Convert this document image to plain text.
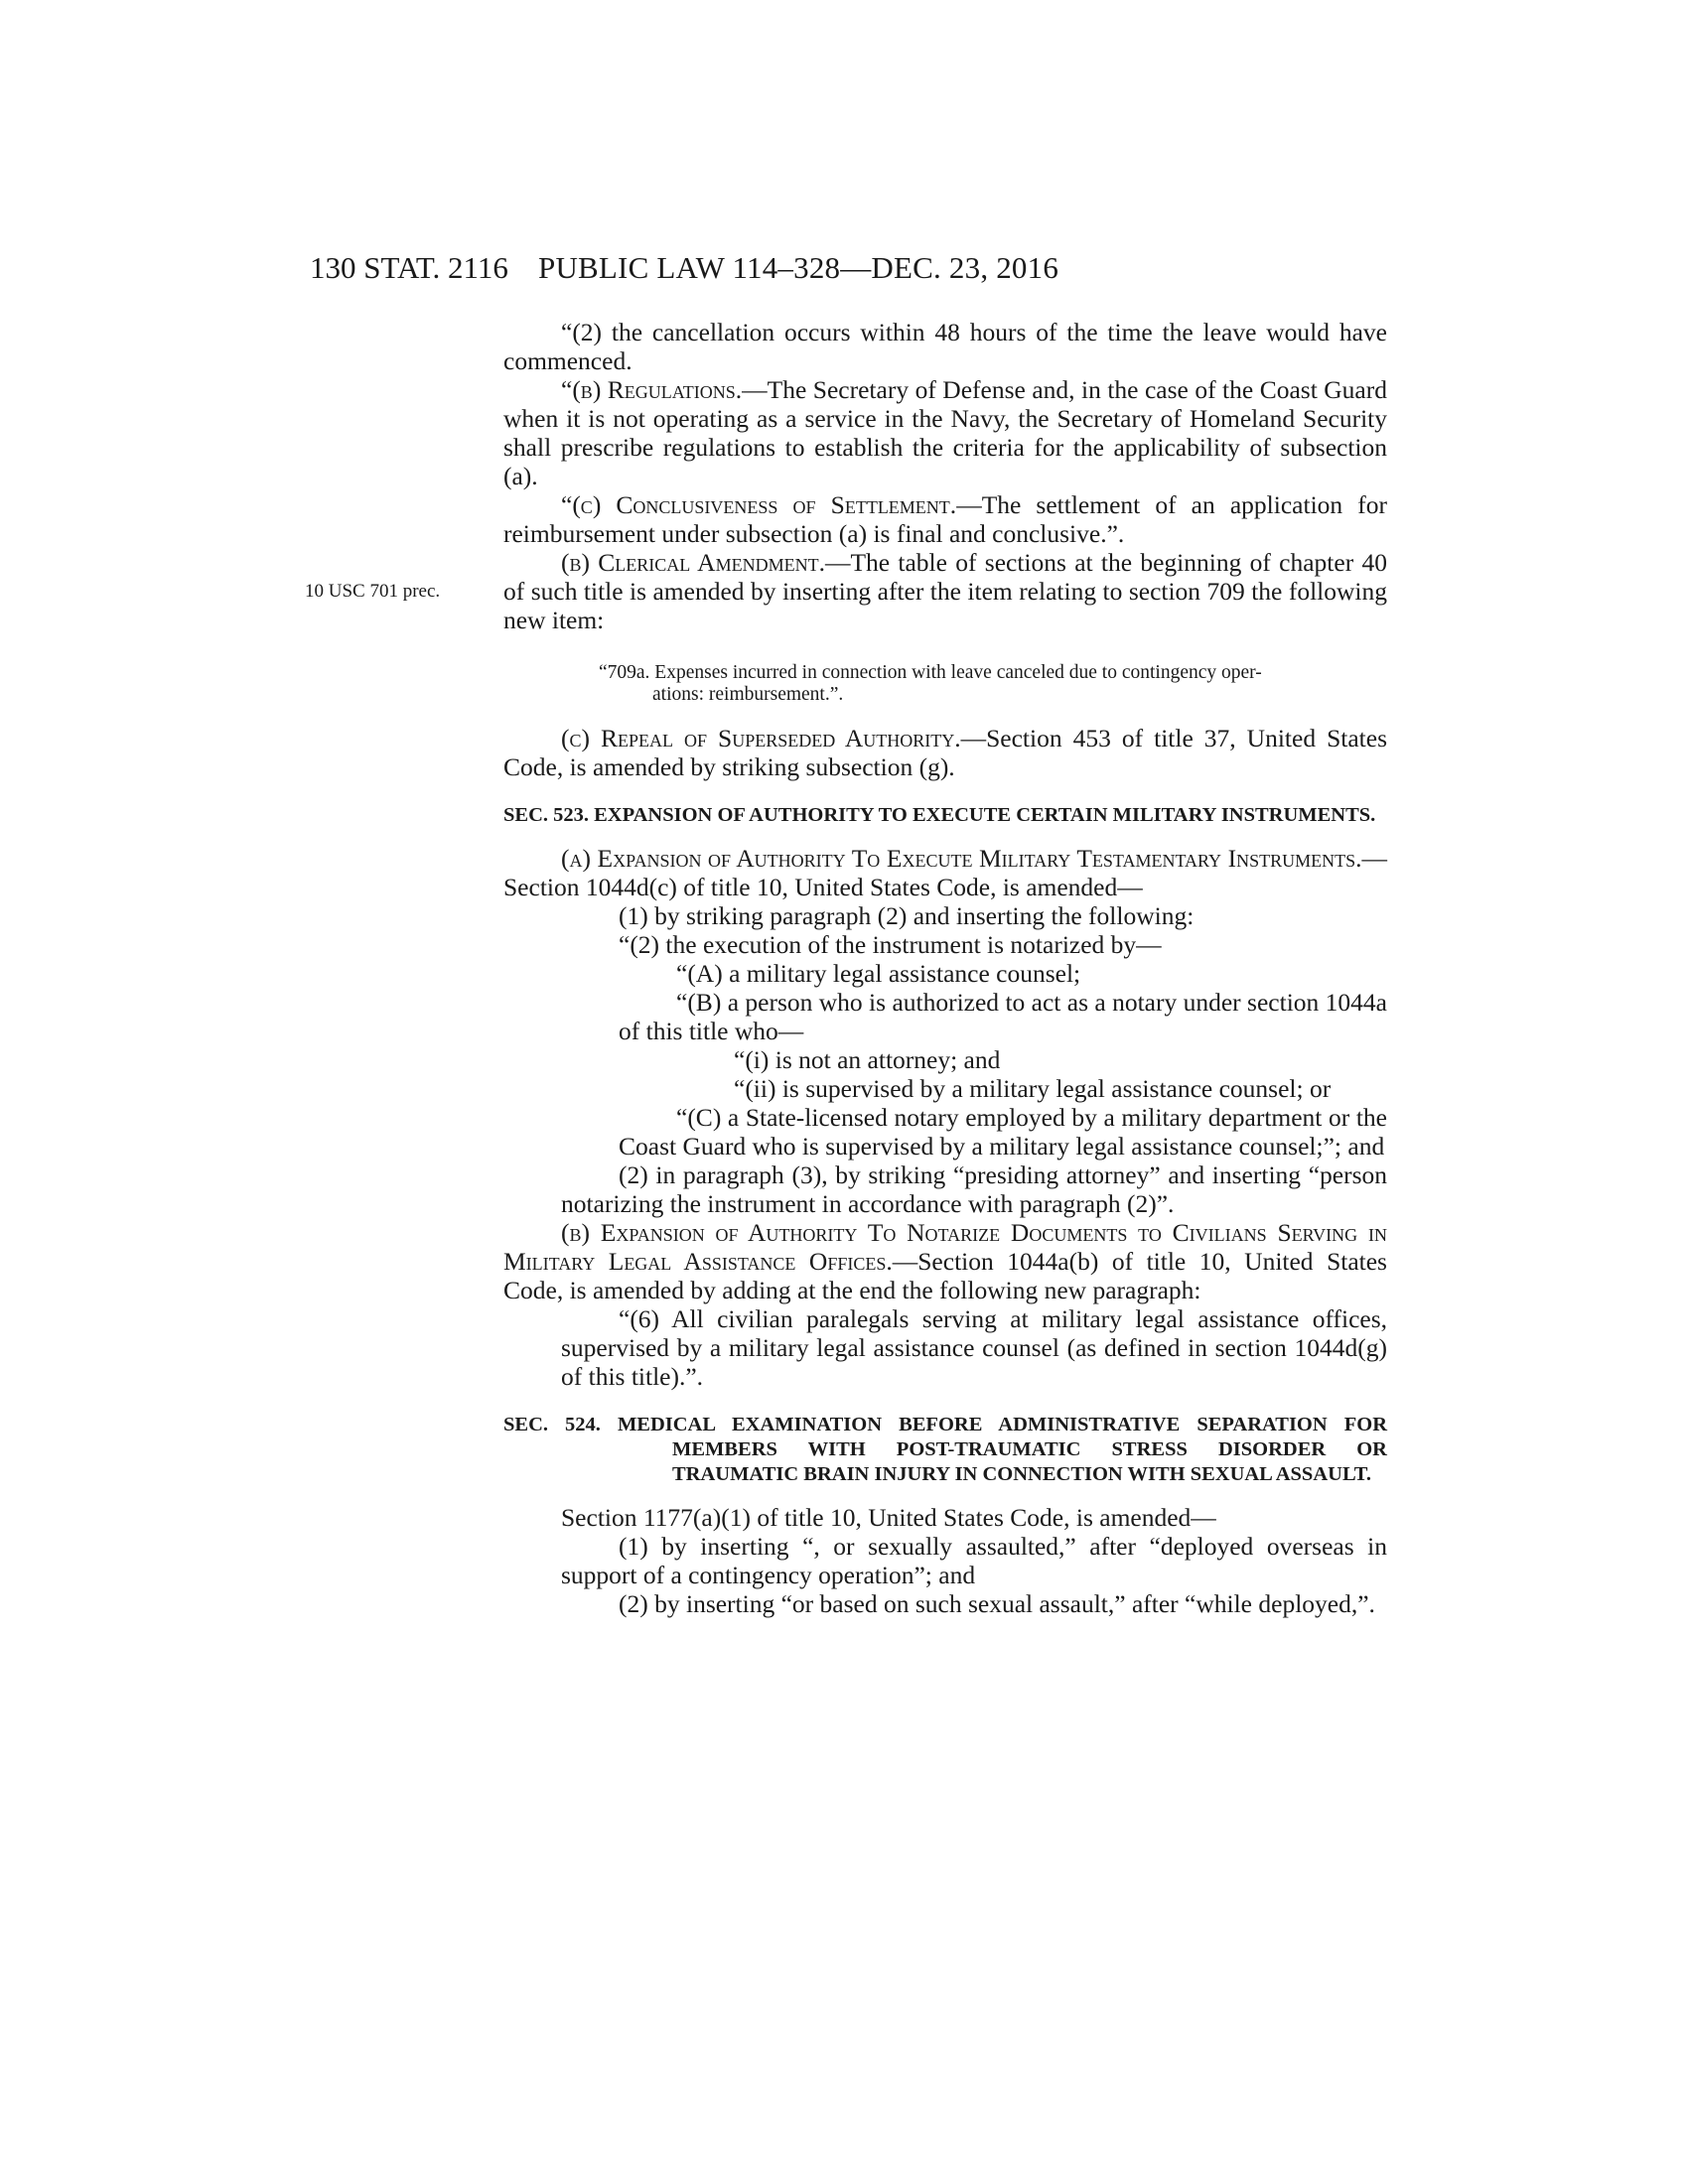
130 STAT. 2116 PUBLIC LAW 114–328—DEC. 23, 2016

“(2) the cancellation occurs within 48 hours of the time the leave would have commenced.

“(b) Regulations.—The Secretary of Defense and, in the case of the Coast Guard when it is not operating as a service in the Navy, the Secretary of Homeland Security shall prescribe regulations to establish the criteria for the applicability of subsection (a).

“(c) Conclusiveness of Settlement.—The settlement of an application for reimbursement under subsection (a) is final and conclusive.”.

10 USC 701 prec.

(b) Clerical Amendment.—The table of sections at the beginning of chapter 40 of such title is amended by inserting after the item relating to section 709 the following new item:

“709a. Expenses incurred in connection with leave canceled due to contingency oper-
ations: reimbursement.”.

(c) Repeal of Superseded Authority.—Section 453 of title 37, United States Code, is amended by striking subsection (g).

SEC. 523. EXPANSION OF AUTHORITY TO EXECUTE CERTAIN MILITARY INSTRUMENTS.

(a) Expansion of Authority To Execute Military Testamentary Instruments.—Section 1044d(c) of title 10, United States Code, is amended—

(1) by striking paragraph (2) and inserting the following:

“(2) the execution of the instrument is notarized by—

“(A) a military legal assistance counsel;

“(B) a person who is authorized to act as a notary under section 1044a of this title who—

“(i) is not an attorney; and

“(ii) is supervised by a military legal assistance counsel; or

“(C) a State-licensed notary employed by a military department or the Coast Guard who is supervised by a military legal assistance counsel;”; and

(2) in paragraph (3), by striking “presiding attorney” and inserting “person notarizing the instrument in accordance with paragraph (2)”.

(b) Expansion of Authority To Notarize Documents to Civilians Serving in Military Legal Assistance Offices.—Section 1044a(b) of title 10, United States Code, is amended by adding at the end the following new paragraph:

“(6) All civilian paralegals serving at military legal assistance offices, supervised by a military legal assistance counsel (as defined in section 1044d(g) of this title).”.

SEC. 524. MEDICAL EXAMINATION BEFORE ADMINISTRATIVE SEPARATION FOR MEMBERS WITH POST-TRAUMATIC STRESS DISORDER OR TRAUMATIC BRAIN INJURY IN CONNECTION WITH SEXUAL ASSAULT.

Section 1177(a)(1) of title 10, United States Code, is amended—

(1) by inserting “, or sexually assaulted,” after “deployed overseas in support of a contingency operation”; and

(2) by inserting “or based on such sexual assault,” after “while deployed,”.
